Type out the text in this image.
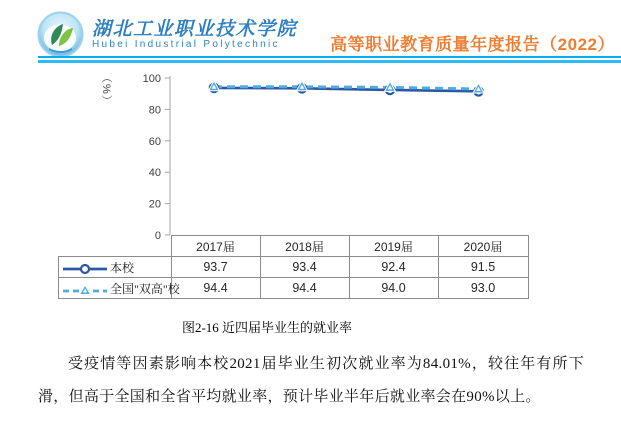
湖北工业职业技术学院
Hubei Industrial Polytechnic	高等职业教育质量年度报告（2022）
（%）
0
20
40
60
80
100
	2017届	2018届	2019届	2020届
本校	93.7	93.4	92.4	91.5
全国"双高"校	94.4	94.4	94.0	93.0
图2-16 近四届毕业生的就业率
受疫情等因素影响本校2021届毕业生初次就业率为84.01%，较往年有所下滑，但高于全国和全省平均就业率，预计毕业半年后就业率会在90%以上。
